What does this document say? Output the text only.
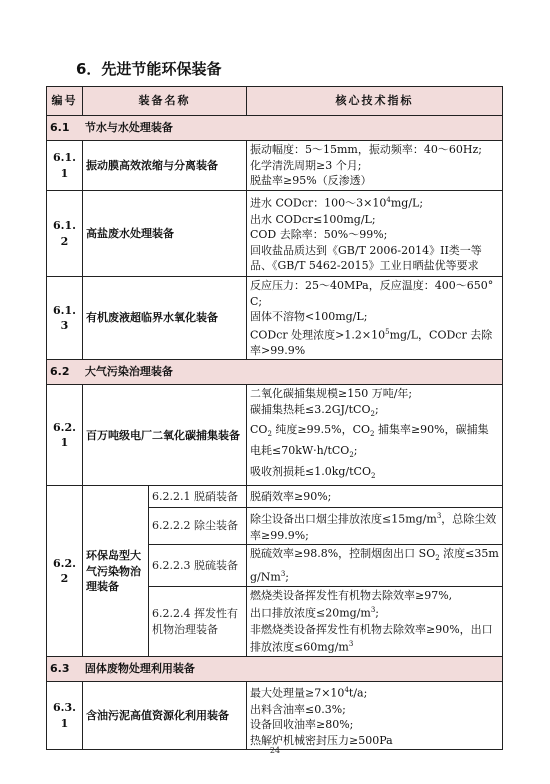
6．先进节能环保装备
编号	装备名称		核心技术指标
6.1 节水与水处理装备			
6.1.1	振动膜高效浓缩与分离装备		振动幅度：5～15mm，振动频率：40～60Hz;
化学清洗周期≥3 个月;
脱盐率≥95%（反渗透）

6.1.2	高盐废水处理装备		进水 CODcr：$100\sim 3\times 10^4mg/L$;
出水 CODcr≤100mg/L;
COD 去除率：50%～99%;
回收盐品质达到《GB/T 2006-2014》II类一等品、《GB/T 5462-2015》工业日晒盐优等要求

6.1.3	有机废液超临界水氧化装备		反应压力：25～40MPa，反应温度：400～650°C;
固体不溶物<100mg/L;
CODcr 处理浓度$>1.2\times 10^5mg/L$，CODcr 去除率>99.9%

6.2 大气污染治理装备			
6.2.1	百万吨级电厂二氧化碳捕集装备		二氧化碳捕集规模≥150 万吨/年;
碳捕集热耗≤3.2GJ/tCO$_2$;
$CO_2$ 纯度≥99.5%，$CO_2$ 捕集率≥90%，碳捕集电耗≤70kW·h/tCO$_2$;
吸收剂损耗≤1.0kg/tCO$_2$

6.2.2	环保岛型大气污染物治理装备	6.2.2.1 脱硝装备	脱硝效率≥90%;
		6.2.2.2 除尘装备	除尘设备出口烟尘排放浓度$\le 15mg/m^3$，总除尘效率≥99.9%;
		6.2.2.3 脱硫装备	脱硫效率≥98.8%，控制烟囱出口 $SO_2$ 浓度$\le 35mg/Nm^3$;
		6.2.2.4 挥发性有机物治理装备	燃烧类设备挥发性有机物去除效率≥97%,
出口排放浓度$\le 20mg/m^3$;
非燃烧类设备挥发性有机物去除效率≥90%，出口排放浓度$\le 60mg/m^3$

6.3 固体废物处理利用装备			
6.3.1	含油污泥高值资源化利用装备		最大处理量$\ge 7\times 10^4t/a$;
出料含油率≤0.3%;
设备回收油率≥80%;
热解炉机械密封压力≥500Pa
24
